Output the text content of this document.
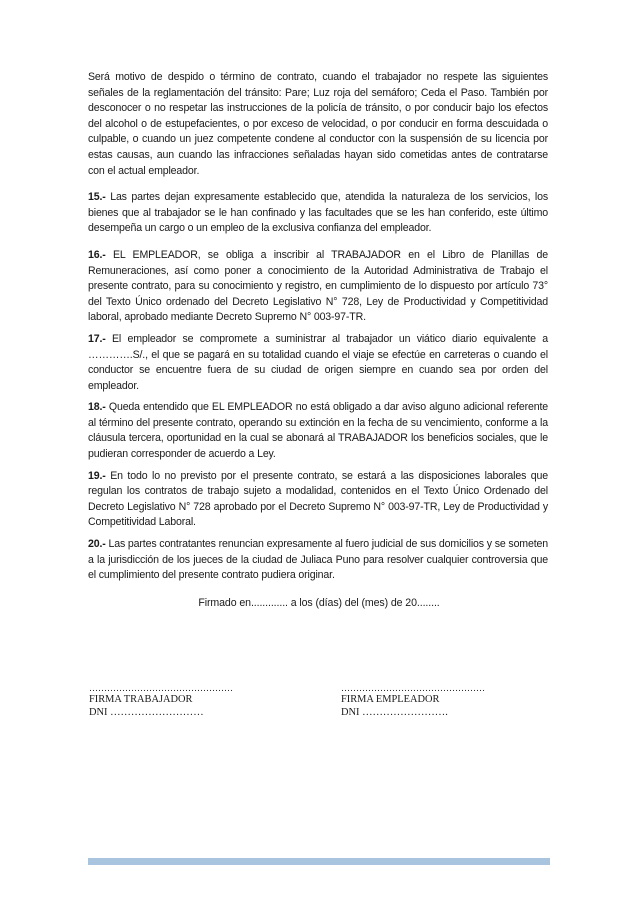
Será motivo de despido o término de contrato, cuando el trabajador no respete las siguientes señales de la reglamentación del tránsito: Pare; Luz roja del semáforo; Ceda el Paso. También por desconocer o no respetar las instrucciones de la policía de tránsito, o por conducir bajo los efectos del alcohol o de estupefacientes, o por exceso de velocidad, o por conducir en forma descuidada o culpable, o cuando un juez competente condene al conductor con la suspensión de su licencia por estas causas, aun cuando las infracciones señaladas hayan sido cometidas antes de contratarse con el actual empleador.

15.- Las partes dejan expresamente establecido que, atendida la naturaleza de los servicios, los bienes que al trabajador se le han confinado y las facultades que se les han conferido, este último desempeña un cargo o un empleo de la exclusiva confianza del empleador.

16.- EL EMPLEADOR, se obliga a inscribir al TRABAJADOR en el Libro de Planillas de Remuneraciones, así como poner a conocimiento de la Autoridad Administrativa de Trabajo el presente contrato, para su conocimiento y registro, en cumplimiento de lo dispuesto por artículo 73° del Texto Único ordenado del Decreto Legislativo N° 728, Ley de Productividad y Competitividad laboral, aprobado mediante Decreto Supremo N° 003-97-TR.

17.- El empleador se compromete a suministrar al trabajador un viático diario equivalente a ………….S/., el que se pagará en su totalidad cuando el viaje se efectúe en carreteras o cuando el conductor se encuentre fuera de su ciudad de origen siempre en cuando sea por orden del empleador.

18.- Queda entendido que EL EMPLEADOR no está obligado a dar aviso alguno adicional referente al término del presente contrato, operando su extinción en la fecha de su vencimiento, conforme a la cláusula tercera, oportunidad en la cual se abonará al TRABAJADOR los beneficios sociales, que le pudieran corresponder de acuerdo a Ley.

19.- En todo lo no previsto por el presente contrato, se estará a las disposiciones laborales que regulan los contratos de trabajo sujeto a modalidad, contenidos en el Texto Único Ordenado del Decreto Legislativo N° 728 aprobado por el Decreto Supremo N° 003-97-TR, Ley de Productividad y Competitividad Laboral.

20.- Las partes contratantes renuncian expresamente al fuero judicial de sus domicilios y se someten a la jurisdicción de los jueces de la ciudad de Juliaca Puno para resolver cualquier controversia que el cumplimiento del presente contrato pudiera originar.

Firmado en............. a los (días) del (mes) de 20........
…………………………………………
FIRMA TRABAJADOR
DNI ………………………
…………………………………………
FIRMA EMPLEADOR
DNI …………………….
